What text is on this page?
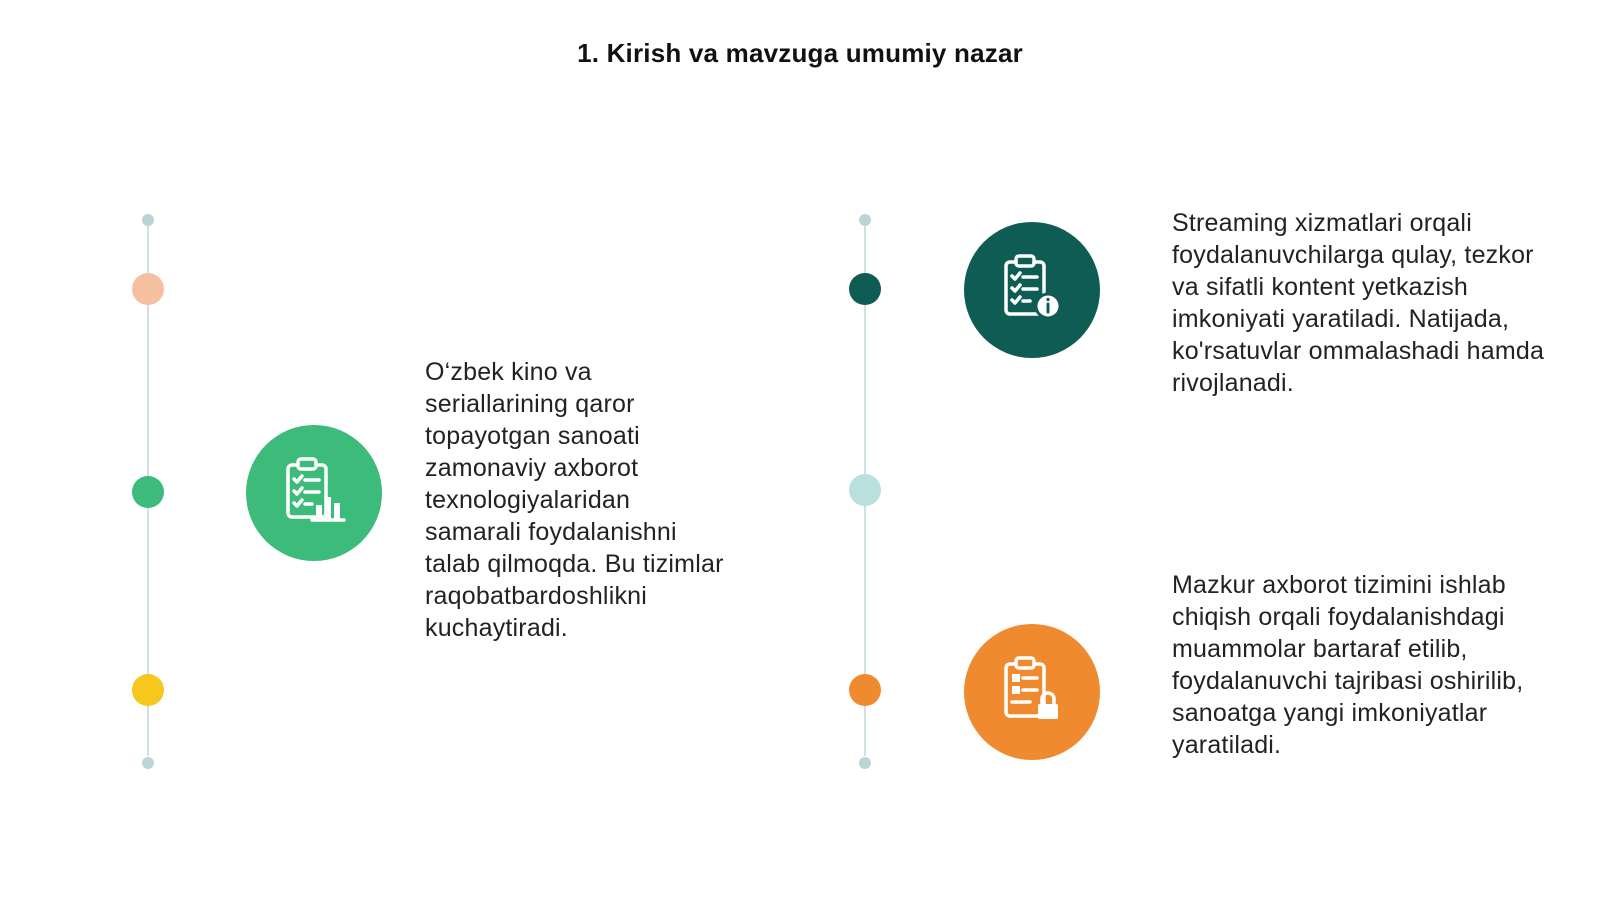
1. Kirish va mavzuga umumiy nazar
O‘zbek kino va seriallarining qaror topayotgan sanoati zamonaviy axborot texnologiyalaridan samarali foydalanishni talab qilmoqda. Bu tizimlar raqobatbardoshlikni kuchaytiradi.
Streaming xizmatlari orqali foydalanuvchilarga qulay, tezkor va sifatli kontent yetkazish imkoniyati yaratiladi. Natijada, ko'rsatuvlar ommalashadi hamda rivojlanadi.
Mazkur axborot tizimini ishlab chiqish orqali foydalanishdagi muammolar bartaraf etilib, foydalanuvchi tajribasi oshirilib, sanoatga yangi imkoniyatlar yaratiladi.
